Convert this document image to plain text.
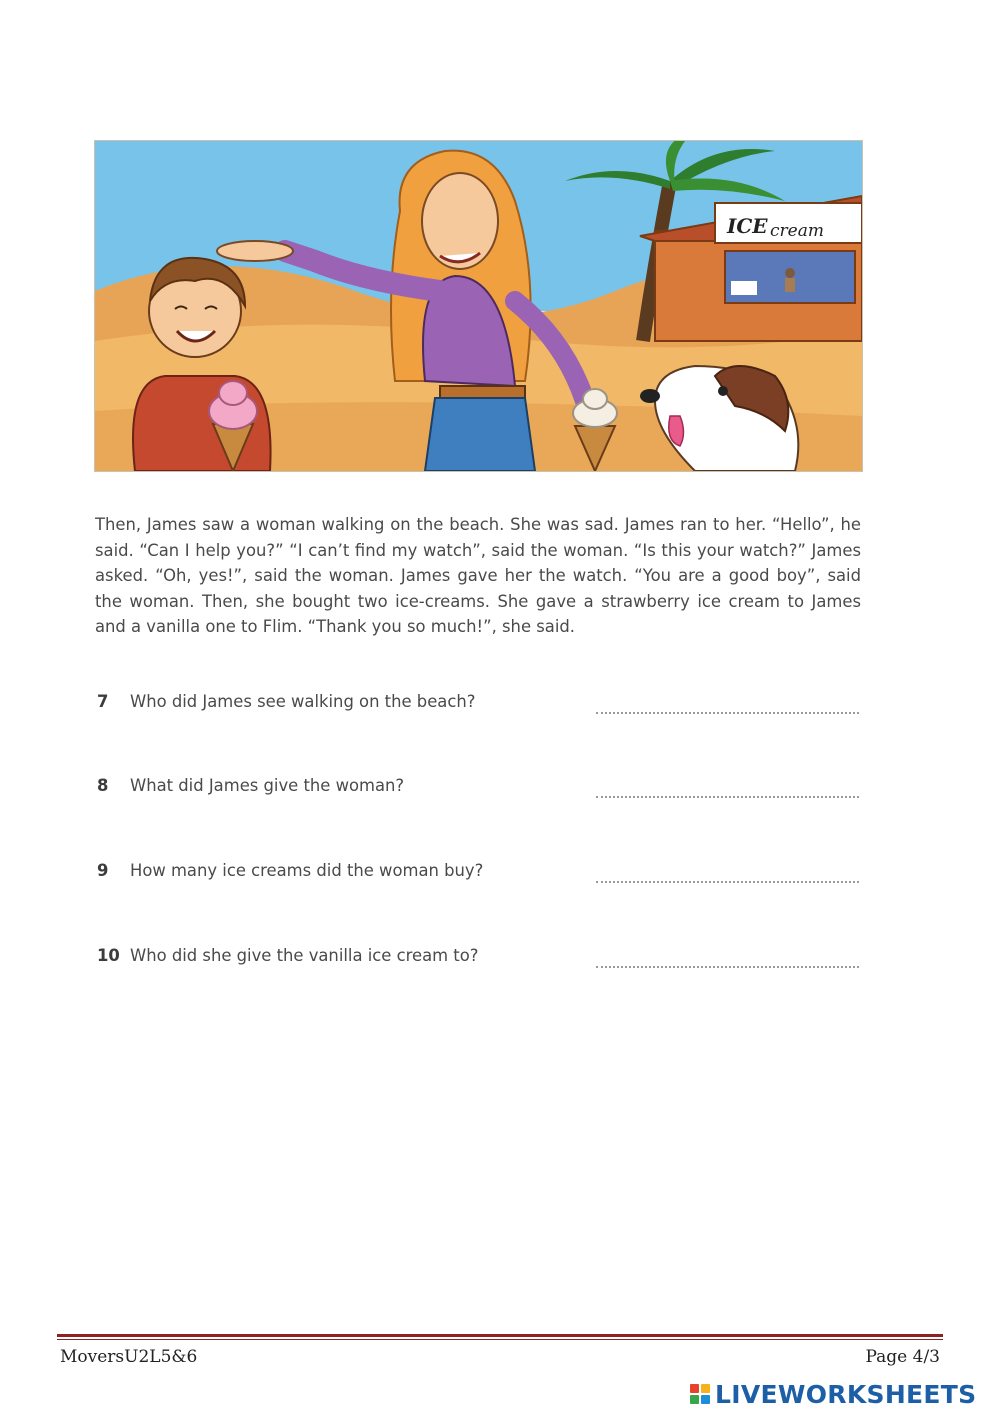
ICE cream

Then, James saw a woman walking on the beach. She was sad. James ran to her. “Hello”, he said. “Can I help you?” “I can’t find my watch”, said the woman. “Is this your watch?” James asked. “Oh, yes!”, said the woman. James gave her the watch. “You are a good boy”, said the woman. Then, she bought two ice-creams. She gave a strawberry ice cream to James and a vanilla one to Flim. “Thank you so much!”, she said.

7	Who did James see walking on the beach?
8	What did James give the woman?
9	How many ice creams did the woman buy?
10 Who did she give the vanilla ice cream to?
MoversU2L5&6	Page 4/3
LIVEWORKSHEETS
